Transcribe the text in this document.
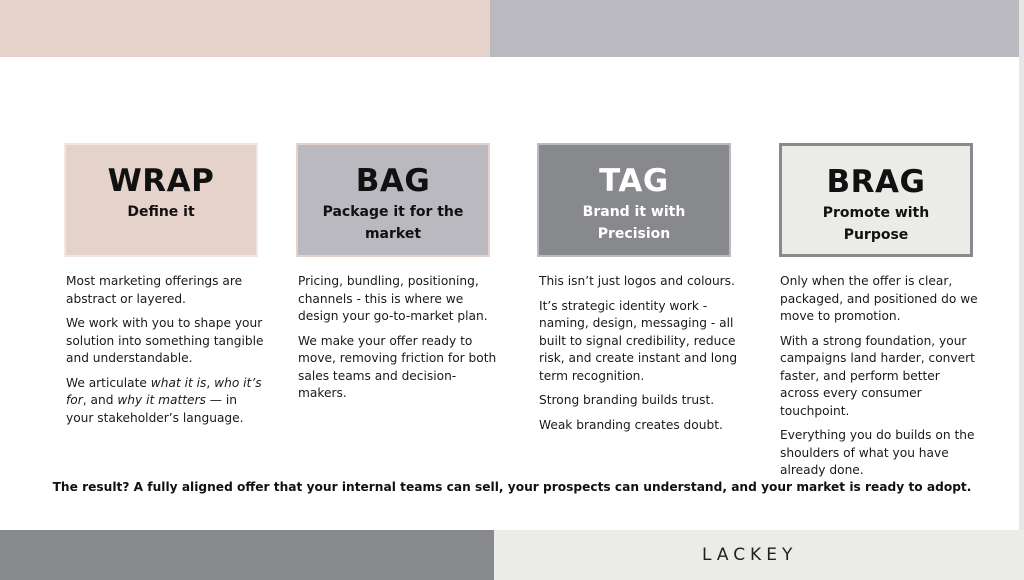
WRAP
Define it
BAG
Package it for the market
TAG
Brand it with Precision
BRAG
Promote with Purpose

Most marketing offerings are abstract or layered.

We work with you to shape your solution into something tangible and understandable.

We articulate what it is, who it’s for, and why it matters — in your stakeholder’s language.

Pricing, bundling, positioning, channels - this is where we design your go-to-market plan.

We make your offer ready to move, removing friction for both sales teams and decision-makers.

This isn’t just logos and colours.

It’s strategic identity work - naming, design, messaging - all built to signal credibility, reduce risk, and create instant and long term recognition.

Strong branding builds trust.

Weak branding creates doubt.

Only when the offer is clear, packaged, and positioned do we move to promotion.

With a strong foundation, your campaigns land harder, convert faster, and perform better across every consumer touchpoint.

Everything you do builds on the shoulders of what you have already done.

The result? A fully aligned offer that your internal teams can sell, your prospects can understand, and your market is ready to adopt.
LACKEY
